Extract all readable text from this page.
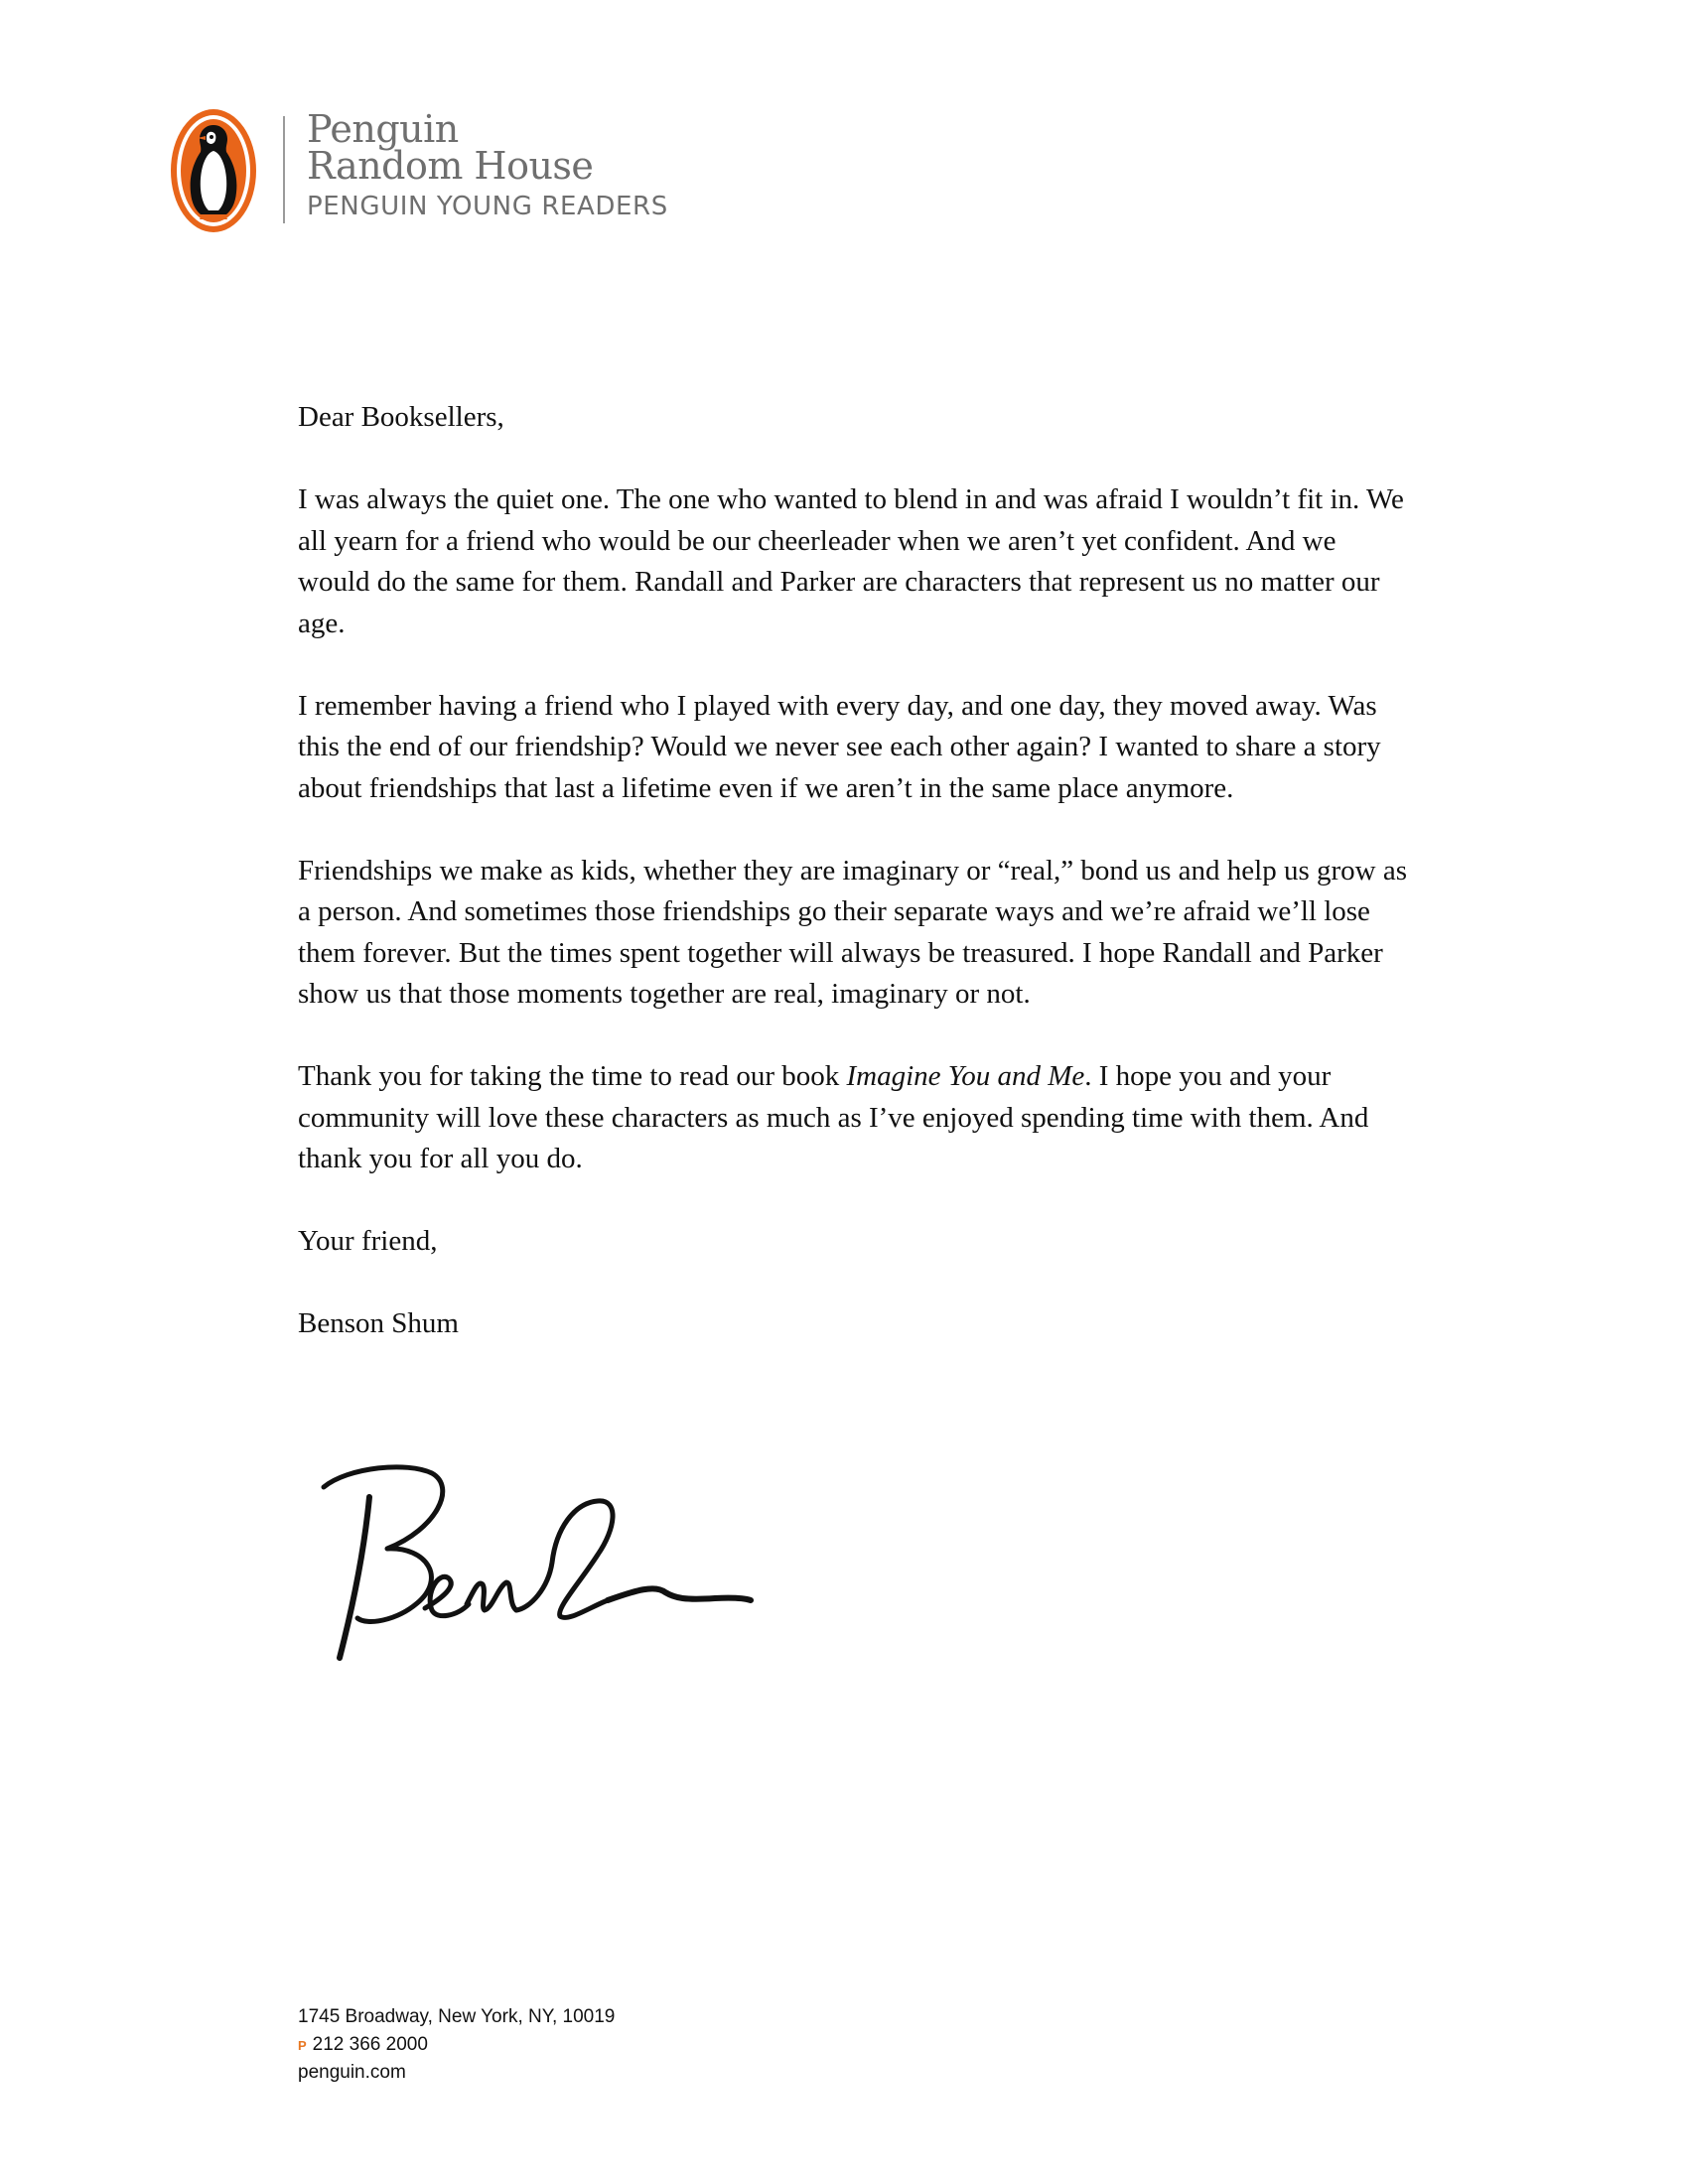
Penguin
Random House
PENGUIN YOUNG READERS

Dear Booksellers,

I was always the quiet one. The one who wanted to blend in and was afraid I wouldn’t fit in. We all yearn for a friend who would be our cheerleader when we aren’t yet confident. And we would do the same for them. Randall and Parker are characters that represent us no matter our age.

I remember having a friend who I played with every day, and one day, they moved away. Was this the end of our friendship? Would we never see each other again? I wanted to share a story about friendships that last a lifetime even if we aren’t in the same place anymore.

Friendships we make as kids, whether they are imaginary or “real,” bond us and help us grow as a person. And sometimes those friendships go their separate ways and we’re afraid we’ll lose them forever. But the times spent together will always be treasured. I hope Randall and Parker show us that those moments together are real, imaginary or not.

Thank you for taking the time to read our book Imagine You and Me. I hope you and your community will love these characters as much as I’ve enjoyed spending time with them. And thank you for all you do.

Your friend,

Benson Shum

1745 Broadway, New York, NY, 10019
P 212 366 2000
penguin.com
